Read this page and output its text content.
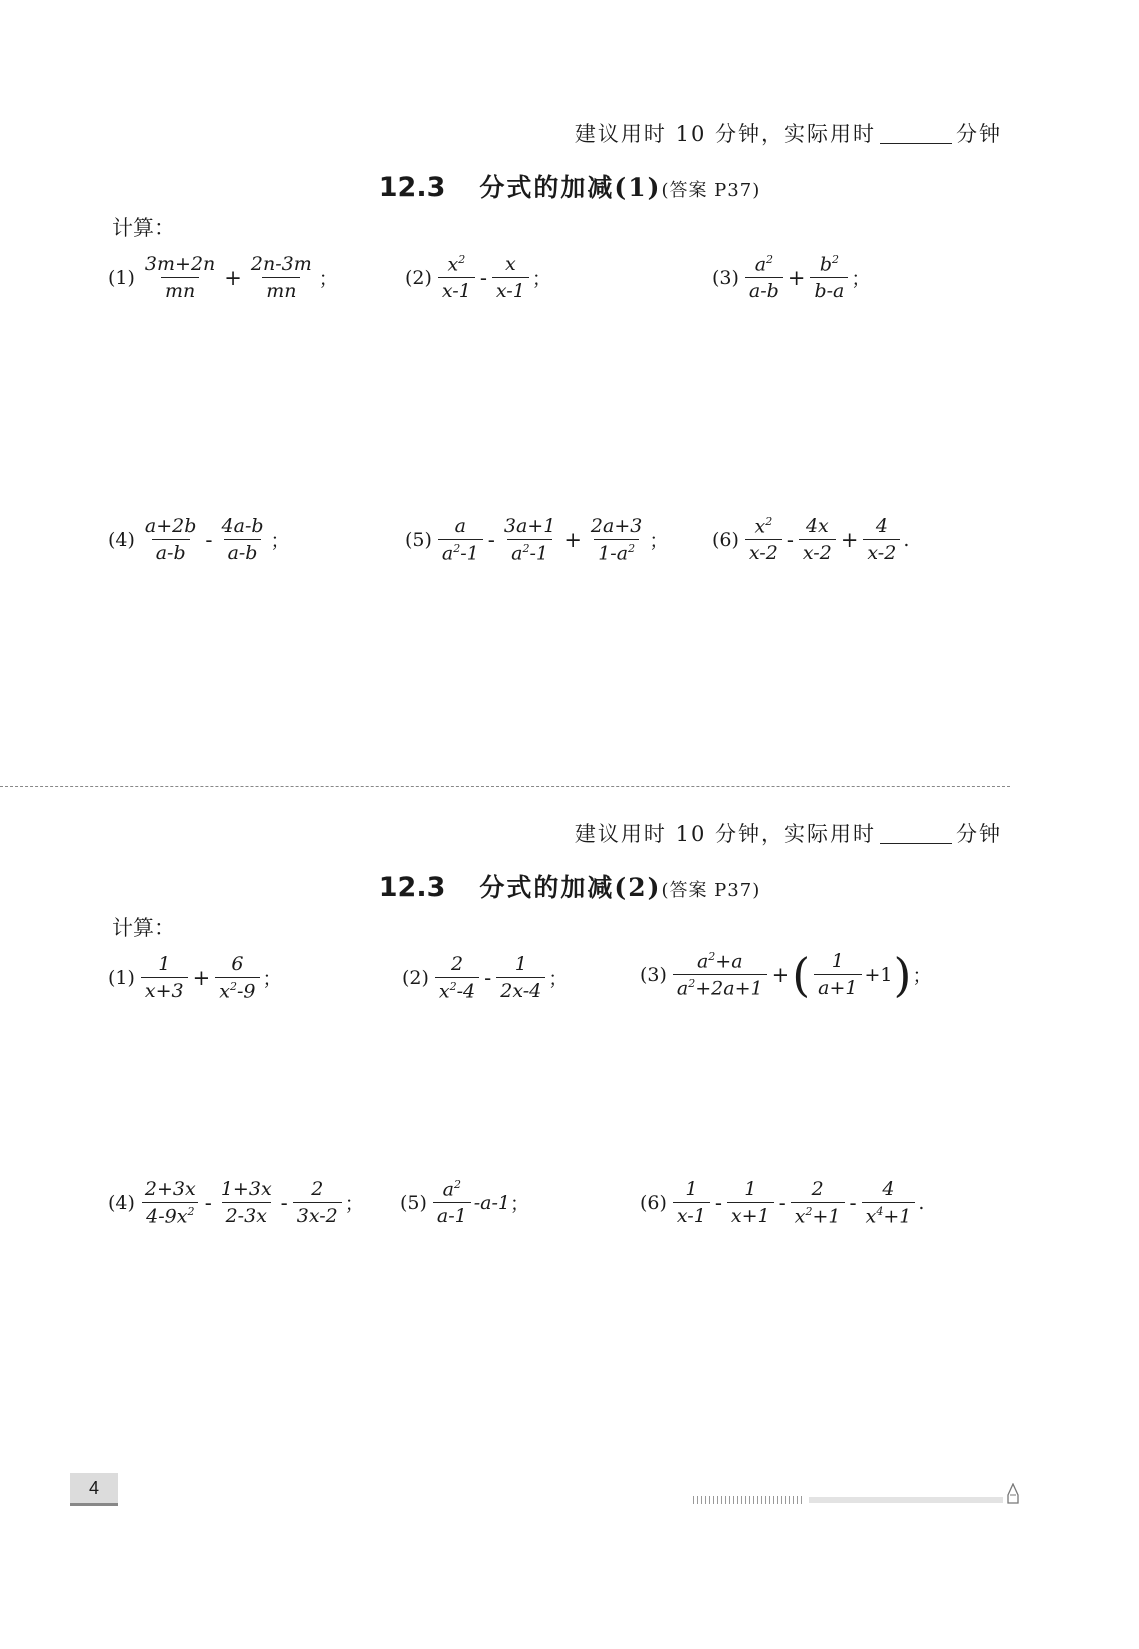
建议用时 10 分钟，实际用时	分钟
12.3 分式的加减(1)(答案 P37)
计算：
$(1) \frac{3m+2n}{mn} + \frac{2n-3m}{mn}$ ；	$(2) \frac{x^2}{x-1} - \frac{x}{x-1}$ ；	$(3) \frac{a^2}{a-b} + \frac{b^2}{b-a}$ ；
$(4) \frac{a+2b}{a-b} - \frac{4a-b}{a-b}$ ；	$(5) \frac{a}{a^2-1} - \frac{3a+1}{a^2-1} + \frac{2a+3}{1-a^2}$ ； $(6) \frac{x^2}{x-2} - \frac{4x}{x-2} + \frac{4}{x-2}$ .
建议用时 10 分钟，实际用时	分钟
12.3 分式的加减(2)(答案 P37)
计算：
$(1) \frac{1}{x+3} + \frac{6}{x^2-9}$ ；	$(2) \frac{2}{x^2-4} - \frac{1}{2x-4}$ ；	$(3) \frac{a^2+a}{a^2+2a+1}$ + ( $\frac{1}{a+1} +1$ ) ；
$(4) \frac{2+3x}{4-9x^2} - \frac{1+3x}{2-3x} - \frac{2}{3x-2}$ ； $(5) \frac{a^2}{a-1} -a-1$ ；	$(6) \frac{1}{x-1} - \frac{1}{x+1} - \frac{2}{x^2+1} - \frac{4}{x^4+1}$ .
4
